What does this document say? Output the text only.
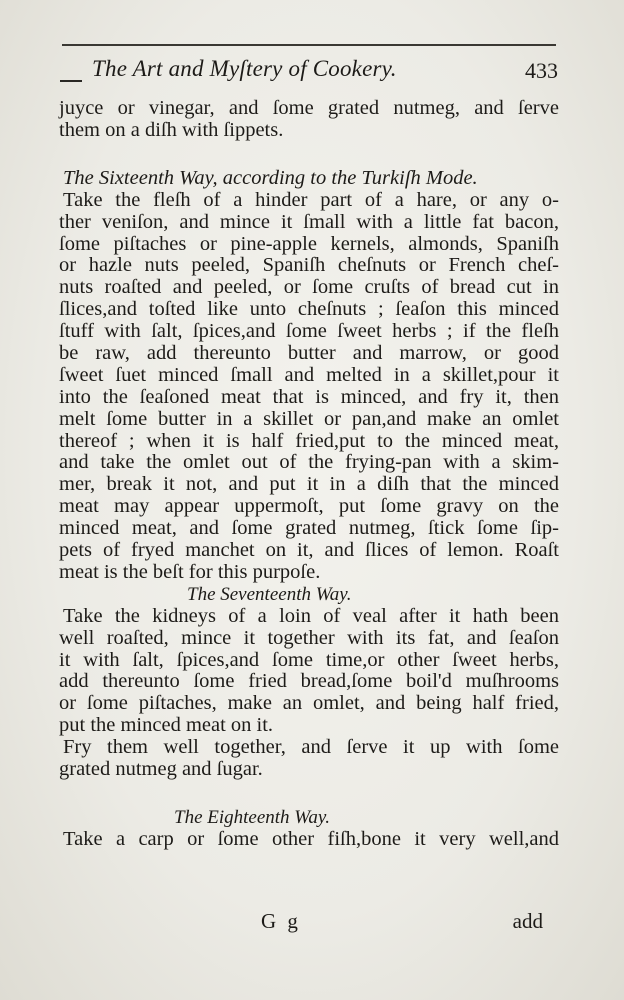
The Art and Myſtery of Cookery.	433
juyce or vinegar, and ſome grated nutmeg, and ſerve
them on a diſh with ſippets.
The Sixteenth Way, according to the Turkiſh Mode.
Take the fleſh of a hinder part of a hare, or any o-
ther veniſon, and mince it ſmall with a little fat bacon,
ſome piſtaches or pine-apple kernels, almonds, Spaniſh
or hazle nuts peeled, Spaniſh cheſnuts or French cheſ-
nuts roaſted and peeled, or ſome cruſts of bread cut in
ſlices,and toſted like unto cheſnuts ; ſeaſon this minced
ſtuff with ſalt, ſpices,and ſome ſweet herbs ; if the fleſh
be raw, add thereunto butter and marrow, or good
ſweet ſuet minced ſmall and melted in a skillet,pour it
into the ſeaſoned meat that is minced, and fry it, then
melt ſome butter in a skillet or pan,and make an omlet
thereof ; when it is half fried,put to the minced meat,
and take the omlet out of the frying-pan with a skim-
mer, break it not, and put it in a diſh that the minced
meat may appear uppermoſt, put ſome gravy on the
minced meat, and ſome grated nutmeg, ſtick ſome ſip-
pets of fryed manchet on it, and ſlices of lemon. Roaſt
meat is the beſt for this purpoſe.
The Seventeenth Way.
Take the kidneys of a loin of veal after it hath been
well roaſted, mince it together with its fat, and ſeaſon
it with ſalt, ſpices,and ſome time,or other ſweet herbs,
add thereunto ſome fried bread,ſome boil'd muſhrooms
or ſome piſtaches, make an omlet, and being half fried,
put the minced meat on it.
Fry them well together, and ſerve it up with ſome
grated nutmeg and ſugar.
The Eighteenth Way.
Take a carp or ſome other fiſh,bone it very well,and
G g	add
